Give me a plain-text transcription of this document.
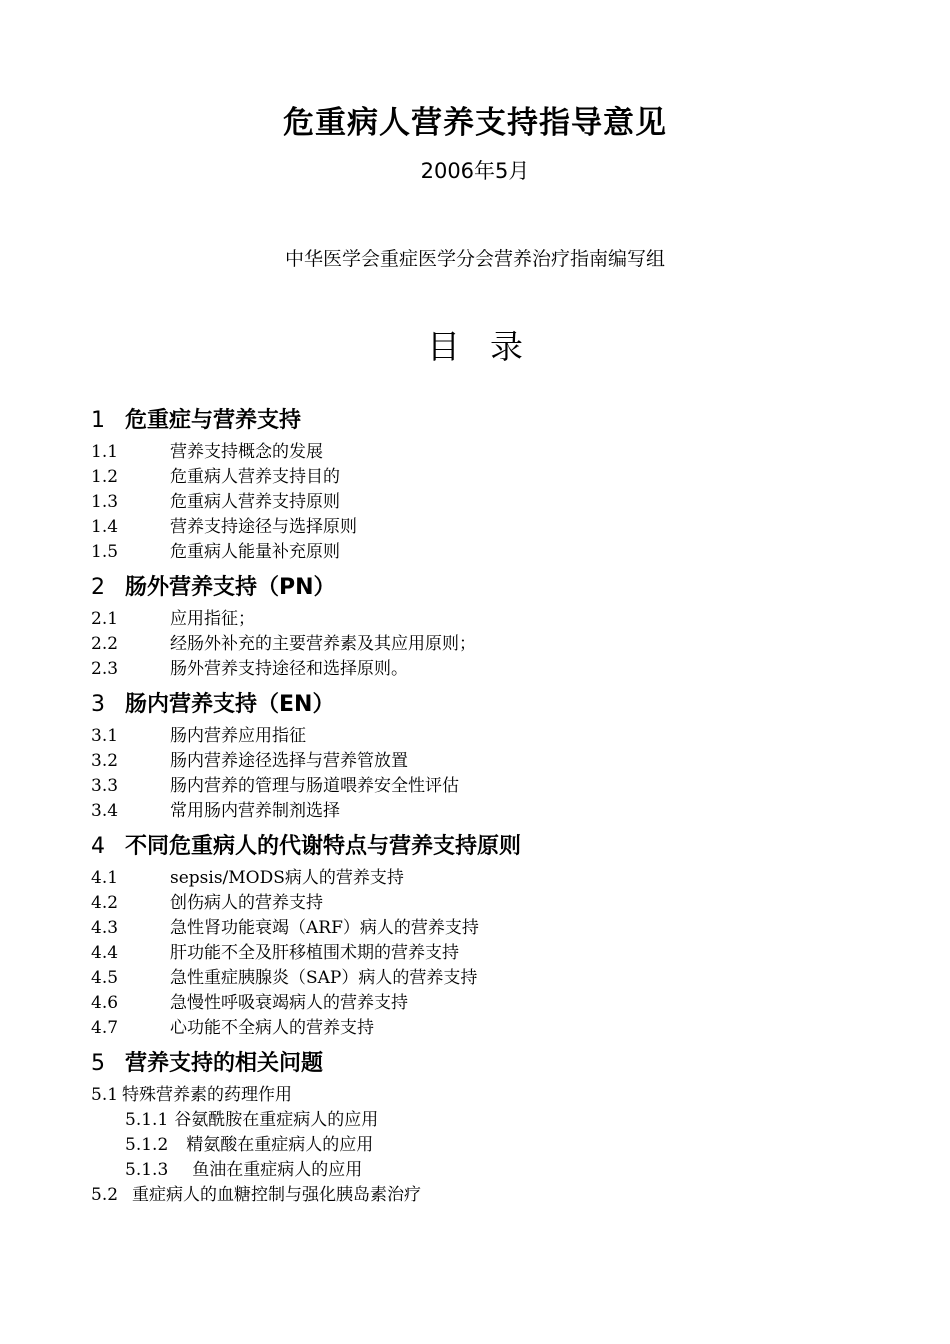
危重病人营养支持指导意见
2006年5月
中华医学会重症医学分会营养治疗指南编写组
目录
1 危重症与营养支持
1.1	营养支持概念的发展
1.2	危重病人营养支持目的
1.3	危重病人营养支持原则
1.4	营养支持途径与选择原则
1.5	危重病人能量补充原则
2 肠外营养支持（PN）
2.1	应用指征；
2.2	经肠外补充的主要营养素及其应用原则；
2.3	肠外营养支持途径和选择原则。
3 肠内营养支持（EN）
3.1	肠内营养应用指征
3.2	肠内营养途径选择与营养管放置
3.3	肠内营养的管理与肠道喂养安全性评估
3.4	常用肠内营养制剂选择
4 不同危重病人的代谢特点与营养支持原则
4.1	sepsis/MODS病人的营养支持
4.2	创伤病人的营养支持
4.3	急性肾功能衰竭（ARF）病人的营养支持
4.4	肝功能不全及肝移植围术期的营养支持
4.5	急性重症胰腺炎（SAP）病人的营养支持
4.6	急慢性呼吸衰竭病人的营养支持
4.7	心功能不全病人的营养支持
5 营养支持的相关问题
5.1 特殊营养素的药理作用
5.1.1 谷氨酰胺在重症病人的应用
5.1.2 精氨酸在重症病人的应用
5.1.3 鱼油在重症病人的应用
5.2 重症病人的血糖控制与强化胰岛素治疗
